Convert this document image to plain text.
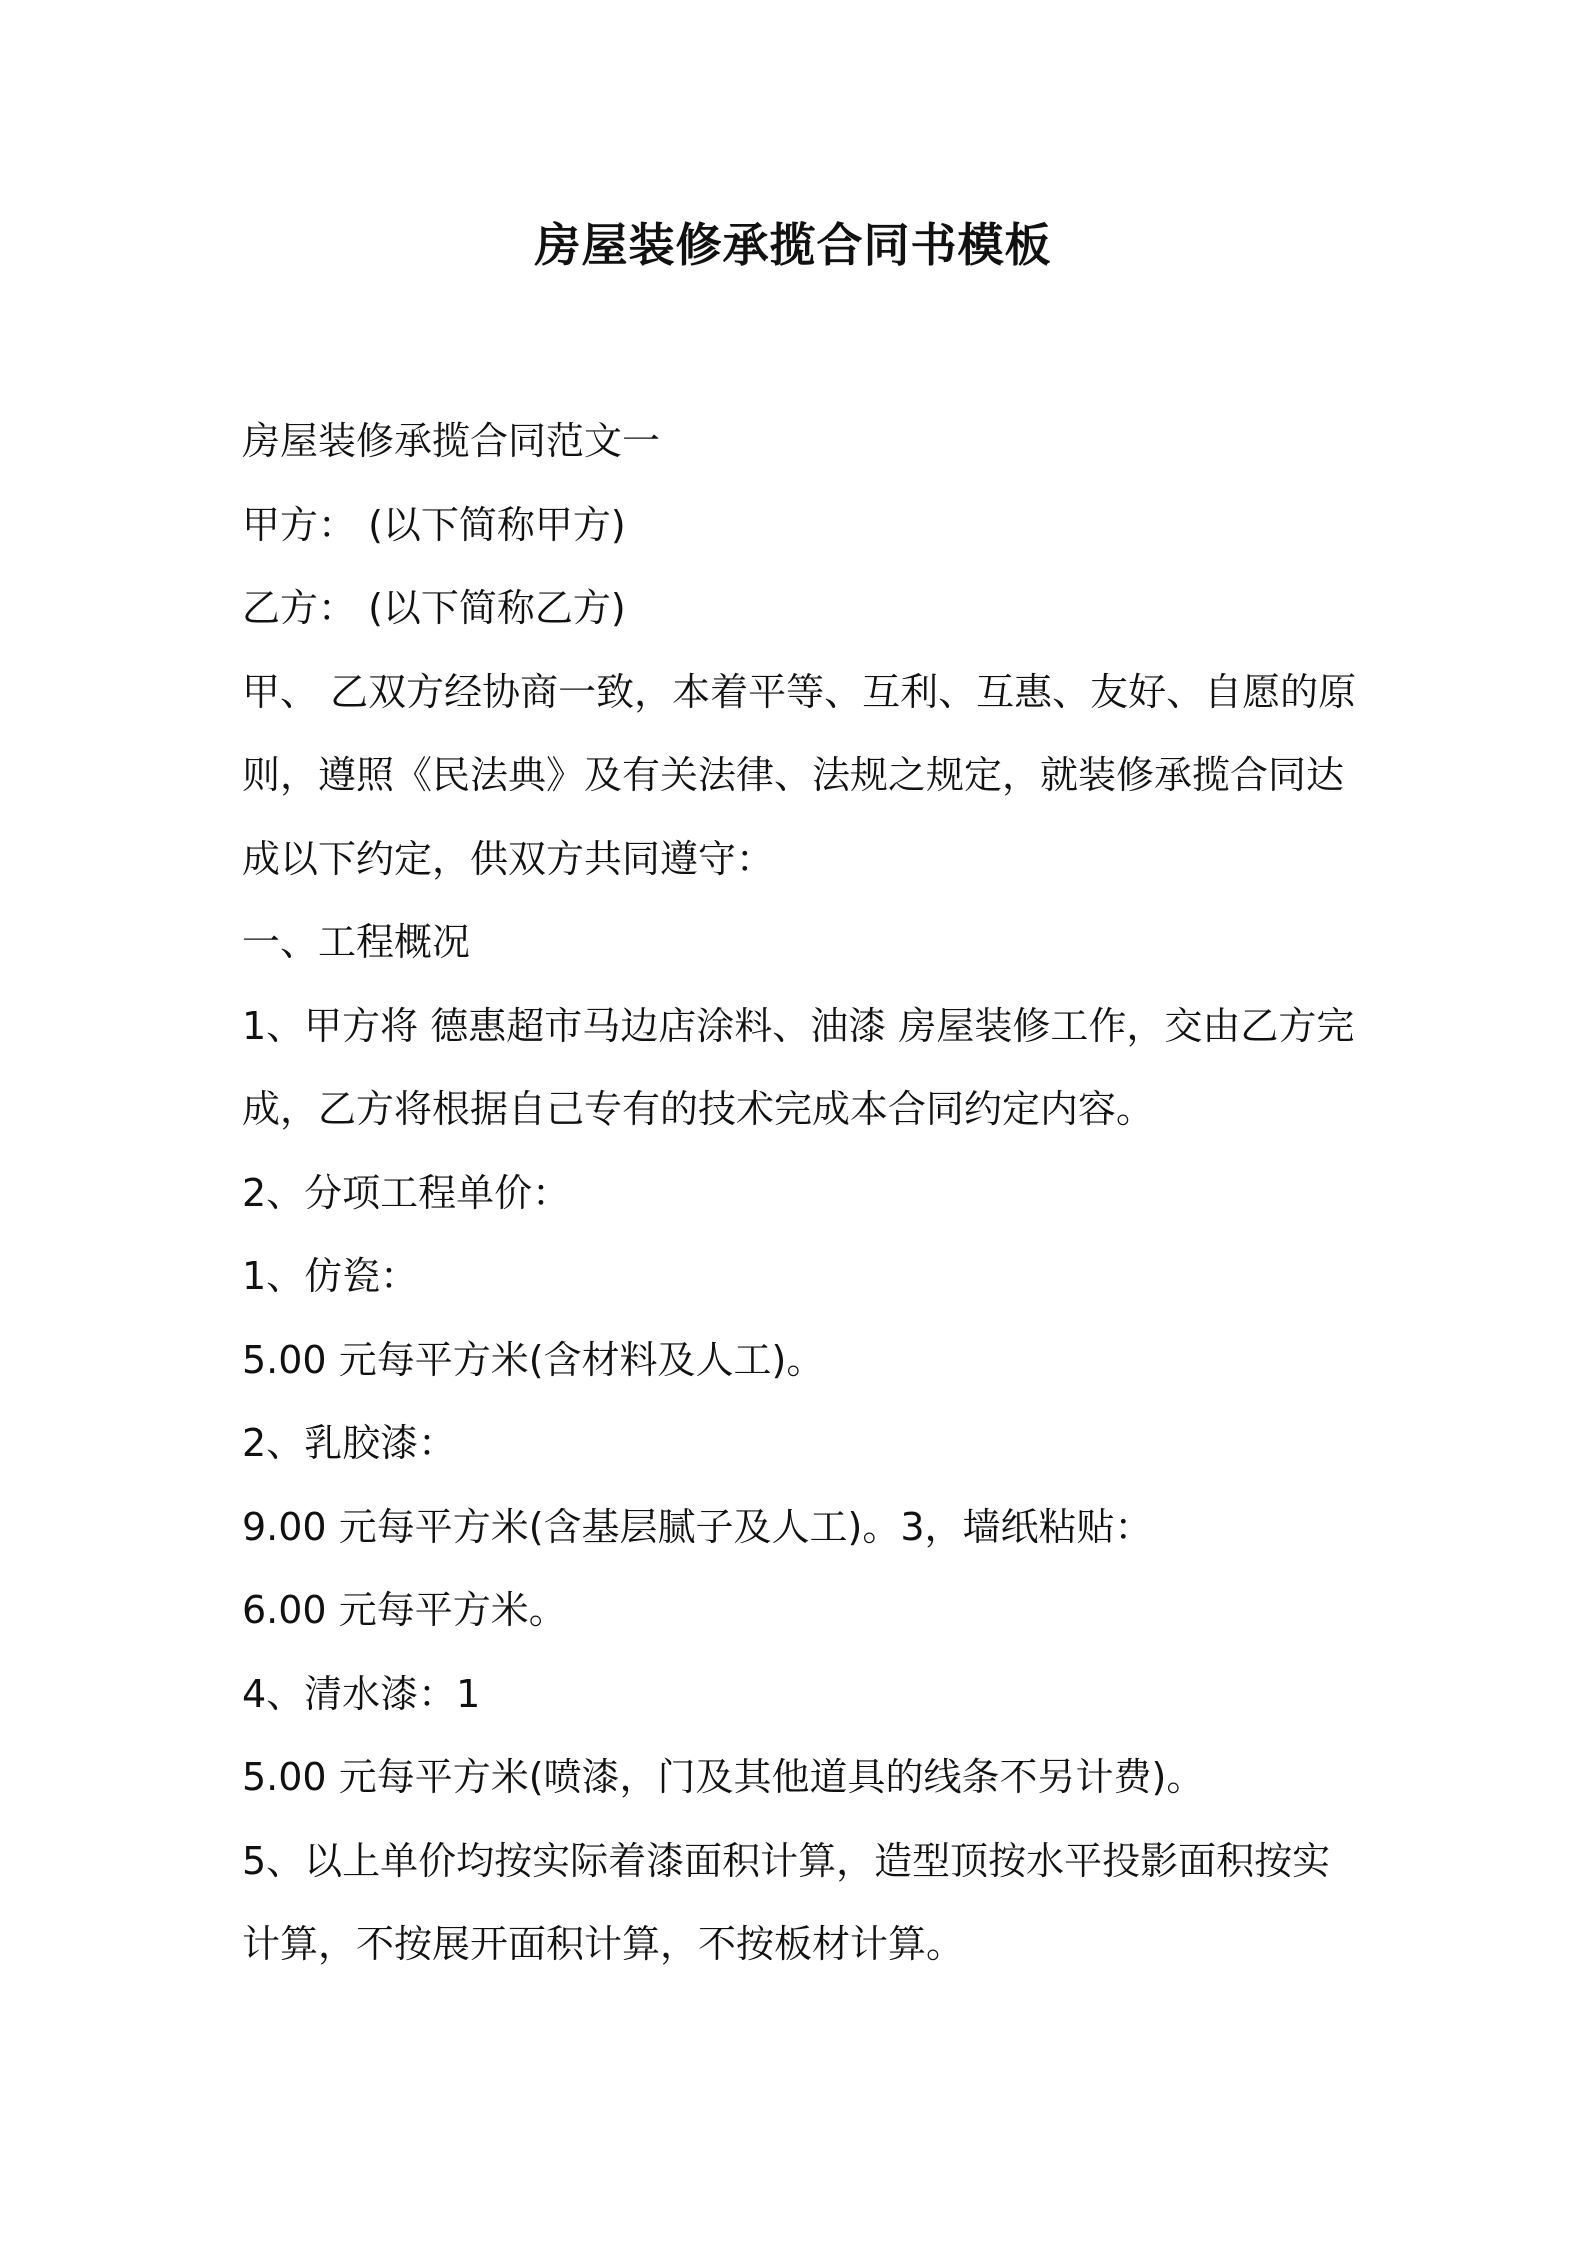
房屋装修承揽合同书模板

房屋装修承揽合同范文一

甲方： (以下简称甲方)

乙方： (以下简称乙方)

甲、 乙双方经协商一致，本着平等、互利、互惠、友好、自愿的原则，遵照《民法典》及有关法律、法规之规定，就装修承揽合同达成以下约定，供双方共同遵守：

一、工程概况

1、甲方将 德惠超市马边店涂料、油漆 房屋装修工作，交由乙方完成，乙方将根据自己专有的技术完成本合同约定内容。

2、分项工程单价：

1、仿瓷：

5.00 元每平方米(含材料及人工)。

2、乳胶漆：

9.00 元每平方米(含基层腻子及人工)。3，墙纸粘贴：

6.00 元每平方米。

4、清水漆：1

5.00 元每平方米(喷漆，门及其他道具的线条不另计费)。

5、以上单价均按实际着漆面积计算，造型顶按水平投影面积按实计算，不按展开面积计算，不按板材计算。
